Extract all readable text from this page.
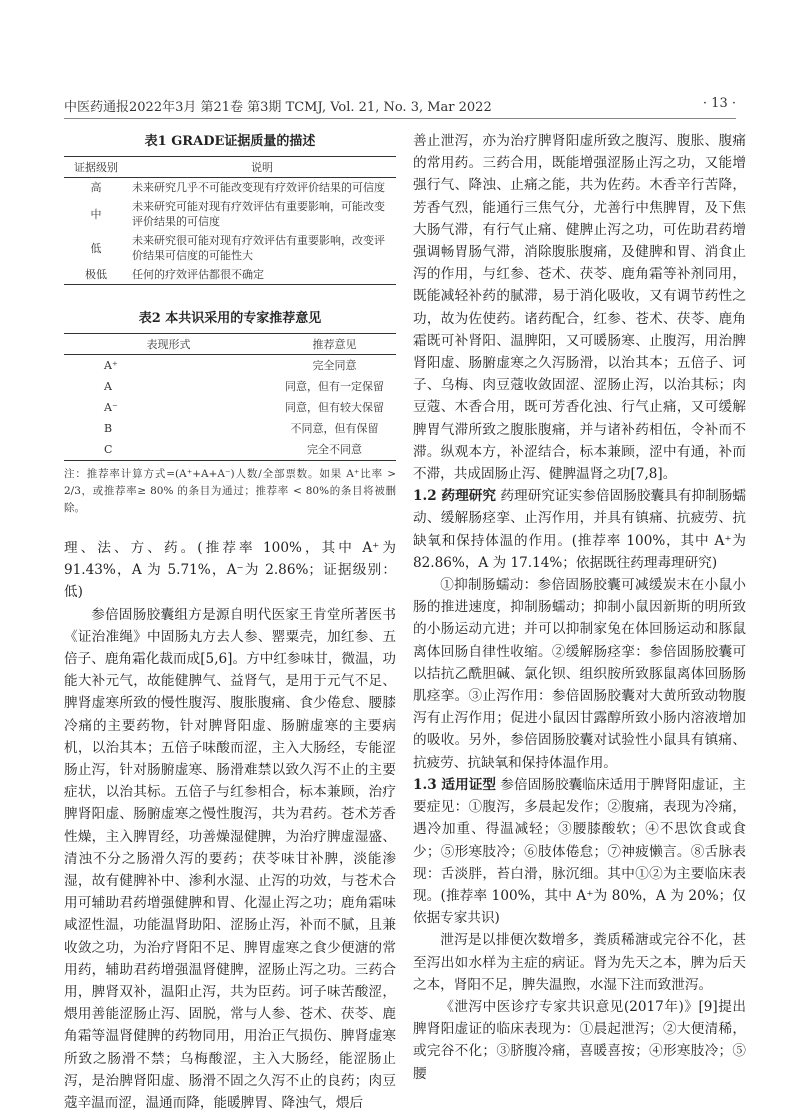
中医药通报2022年3月 第21卷 第3期 TCMJ, Vol. 21, No. 3, Mar 2022	· 13 ·
表1 GRADE证据质量的描述
证据级别	说明
高	未来研究几乎不可能改变现有疗效评价结果的可信度
中	未来研究可能对现有疗效评估有重要影响，可能改变评价结果的可信度
低	未来研究很可能对现有疗效评估有重要影响，改变评价结果可信度的可能性大
极低	任何的疗效评估都很不确定
表2 本共识采用的专家推荐意见
表现形式	推荐意见
A⁺	完全同意
A	同意，但有一定保留
A⁻	同意，但有较大保留
B	不同意，但有保留
C	完全不同意
注：推荐率计算方式=(A⁺+A+A⁻)人数/全部票数。如果 A⁺比率 > 2/3，或推荐率≥ 80% 的条目为通过；推荐率 < 80%的条目将被删除。

理、法、方、药。(推荐率 100%，其中 A⁺为 91.43%，A 为 5.71%，A⁻为 2.86%；证据级别：低)

参倍固肠胶囊组方是源自明代医家王肯堂所著医书《证治准绳》中固肠丸方去人参、罂粟壳，加红参、五倍子、鹿角霜化裁而成[5,6]。方中红参味甘，微温，功能大补元气，故能健脾气、益肾气，是用于元气不足、脾肾虚寒所致的慢性腹泻、腹胀腹痛、食少倦怠、腰膝冷痛的主要药物，针对脾肾阳虚、肠腑虚寒的主要病机，以治其本；五倍子味酸而涩，主入大肠经，专能涩肠止泻，针对肠腑虚寒、肠滑难禁以致久泻不止的主要症状，以治其标。五倍子与红参相合，标本兼顾，治疗脾肾阳虚、肠腑虚寒之慢性腹泻，共为君药。苍术芳香性燥，主入脾胃经，功善燥湿健脾，为治疗脾虚湿盛、清浊不分之肠滑久泻的要药；茯苓味甘补脾，淡能渗湿，故有健脾补中、渗利水湿、止泻的功效，与苍术合用可辅助君药增强健脾和胃、化湿止泻之功；鹿角霜味咸涩性温，功能温肾助阳、涩肠止泻，补而不腻，且兼收敛之功，为治疗肾阳不足、脾胃虚寒之食少便溏的常用药，辅助君药增强温肾健脾，涩肠止泻之功。三药合用，脾肾双补，温阳止泻，共为臣药。诃子味苦酸涩，煨用善能涩肠止泻、固脱，常与人参、苍术、茯苓、鹿角霜等温肾健脾的药物同用，用治正气损伤、脾肾虚寒所致之肠滑不禁；乌梅酸涩，主入大肠经，能涩肠止泻，是治脾肾阳虚、肠滑不固之久泻不止的良药；肉豆蔻辛温而涩，温通而降，能暖脾胃、降浊气，煨后

善止泄泻，亦为治疗脾肾阳虚所致之腹泻、腹胀、腹痛的常用药。三药合用，既能增强涩肠止泻之功，又能增强行气、降浊、止痛之能，共为佐药。木香辛行苦降，芳香气烈，能通行三焦气分，尤善行中焦脾胃，及下焦大肠气滞，有行气止痛、健脾止泻之功，可佐助君药增强调畅胃肠气滞，消除腹胀腹痛，及健脾和胃、消食止泻的作用，与红参、苍术、茯苓、鹿角霜等补剂同用，既能减轻补药的腻滞，易于消化吸收，又有调节药性之功，故为佐使药。诸药配合，红参、苍术、茯苓、鹿角霜既可补肾阳、温脾阳，又可暖肠寒、止腹泻，用治脾肾阳虚、肠腑虚寒之久泻肠滑，以治其本；五倍子、诃子、乌梅、肉豆蔻收敛固涩、涩肠止泻，以治其标；肉豆蔻、木香合用，既可芳香化浊、行气止痛，又可缓解脾胃气滞所致之腹胀腹痛，并与诸补药相伍，令补而不滞。纵观本方，补涩结合，标本兼顾，涩中有通，补而不滞，共成固肠止泻、健脾温肾之功[7,8]。

1.2 药理研究 药理研究证实参倍固肠胶囊具有抑制肠蠕动、缓解肠痉挛、止泻作用，并具有镇痛、抗疲劳、抗缺氧和保持体温的作用。(推荐率 100%，其中 A⁺为 82.86%，A 为 17.14%；依据既往药理毒理研究)

①抑制肠蠕动：参倍固肠胶囊可减缓炭末在小鼠小肠的推进速度，抑制肠蠕动；抑制小鼠因新斯的明所致的小肠运动亢进；并可以抑制家兔在体回肠运动和豚鼠离体回肠自律性收缩。②缓解肠痉挛：参倍固肠胶囊可以拮抗乙酰胆碱、氯化钡、组织胺所致豚鼠离体回肠肠肌痉挛。③止泻作用：参倍固肠胶囊对大黄所致动物腹泻有止泻作用；促进小鼠因甘露醇所致小肠内溶液增加的吸收。另外，参倍固肠胶囊对试验性小鼠具有镇痛、抗疲劳、抗缺氧和保持体温作用。

1.3 适用证型 参倍固肠胶囊临床适用于脾肾阳虚证，主要症见：①腹泻，多晨起发作；②腹痛，表现为冷痛，遇冷加重、得温减轻；③腰膝酸软；④不思饮食或食少；⑤形寒肢冷；⑥肢体倦怠；⑦神疲懒言。⑧舌脉表现：舌淡胖，苔白滑，脉沉细。其中①②为主要临床表现。(推荐率 100%，其中 A⁺为 80%，A 为 20%；仅依据专家共识)

泄泻是以排便次数增多，粪质稀溏或完谷不化，甚至泻出如水样为主症的病证。肾为先天之本，脾为后天之本，肾阳不足，脾失温煦，水湿下注而致泄泻。

《泄泻中医诊疗专家共识意见(2017年)》[9]提出脾肾阳虚证的临床表现为：①晨起泄泻；②大便清稀，或完谷不化；③脐腹冷痛，喜暖喜按；④形寒肢冷；⑤腰
